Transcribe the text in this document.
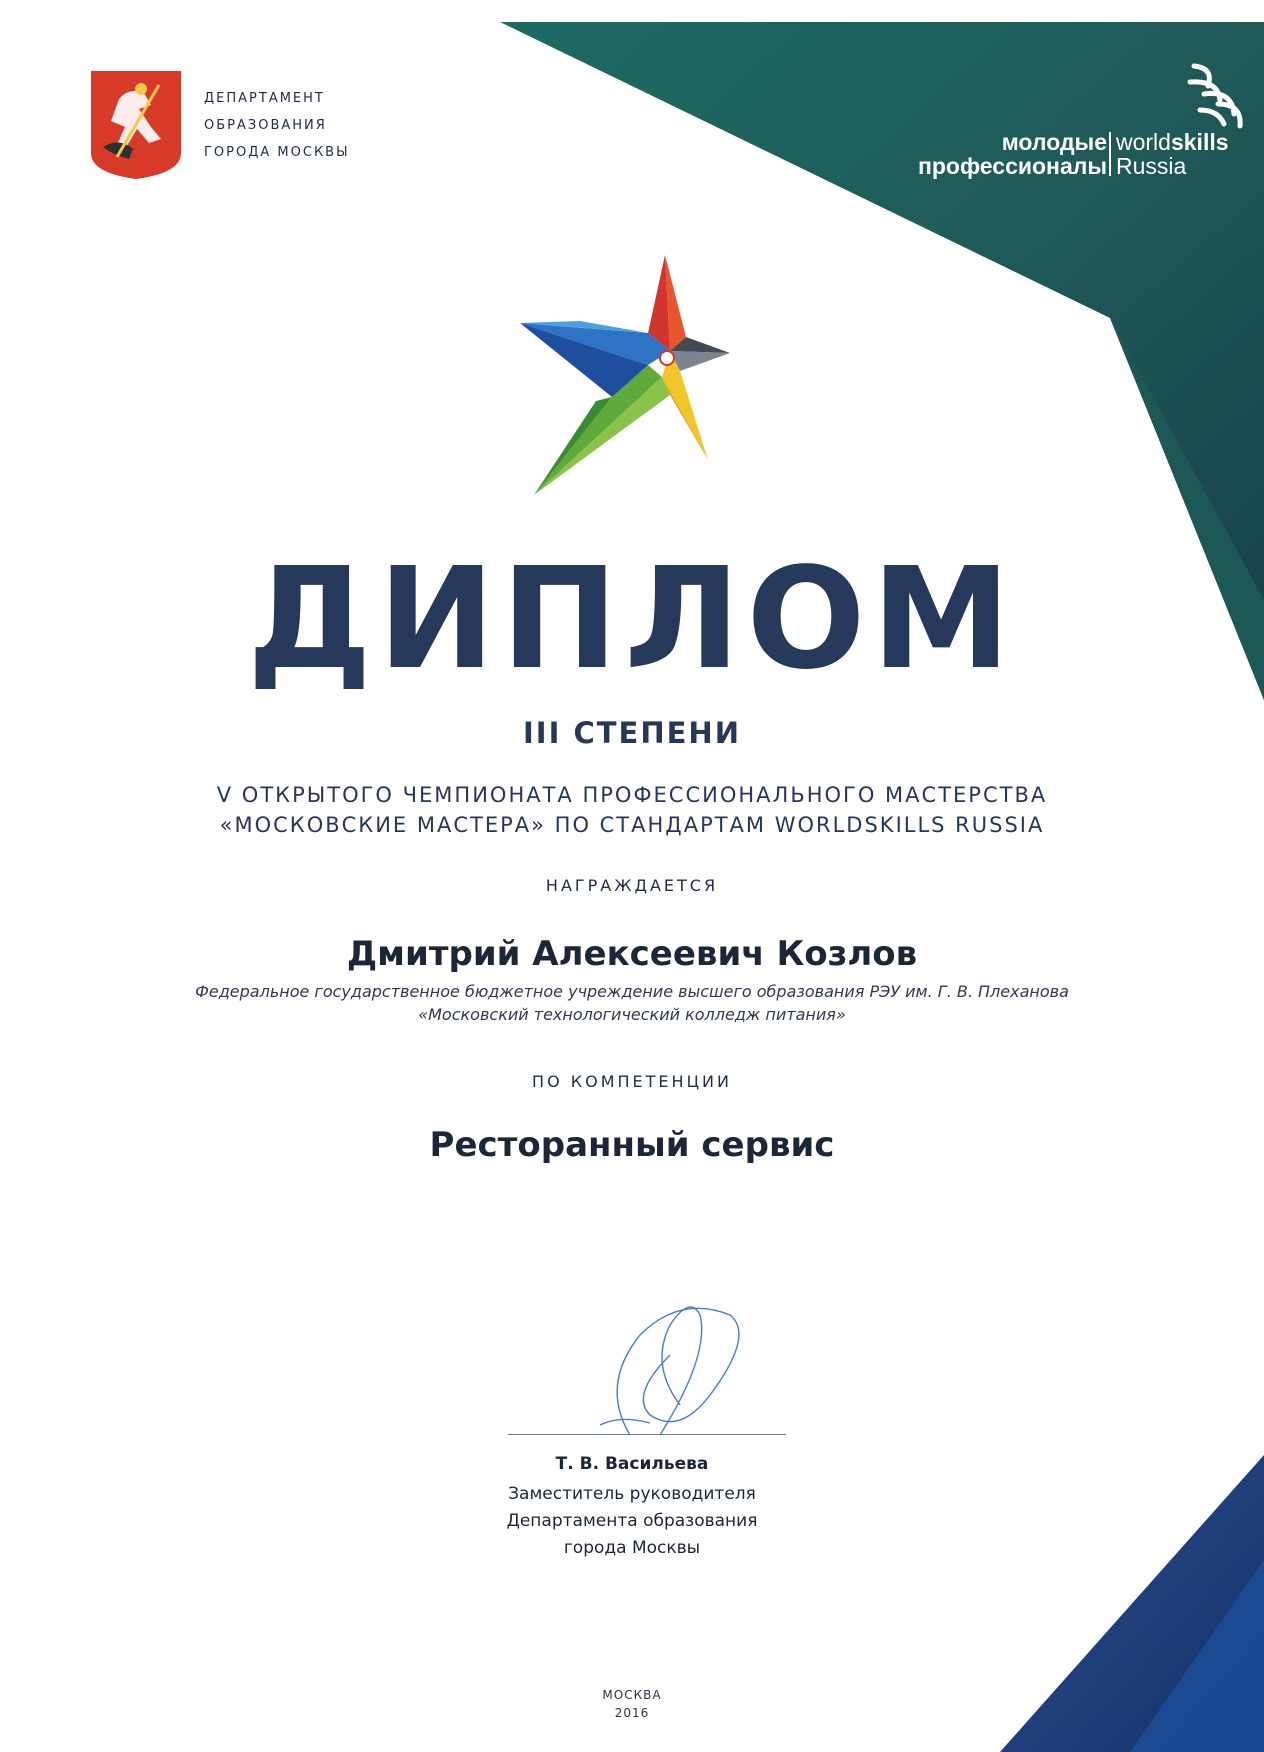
ДЕПАРТАМЕНТ
ОБРАЗОВАНИЯ
ГОРОДА МОСКВЫ	молодые
профессионалы
worldskills
Russia
ДИПЛОМ
III СТЕПЕНИ
V ОТКРЫТОГО ЧЕМПИОНАТА ПРОФЕССИОНАЛЬНОГО МАСТЕРСТВА
«МОСКОВСКИЕ МАСТЕРА» ПО СТАНДАРТАМ WORLDSKILLS RUSSIA
НАГРАЖДАЕТСЯ
Дмитрий Алексеевич Козлов
Федеральное государственное бюджетное учреждение высшего образования РЭУ им. Г. В. Плеханова
«Московский технологический колледж питания»
ПО КОМПЕТЕНЦИИ
Ресторанный сервис
Т. В. Васильева
Заместитель руководителя
Департамента образования
города Москвы
МОСКВА
2016
